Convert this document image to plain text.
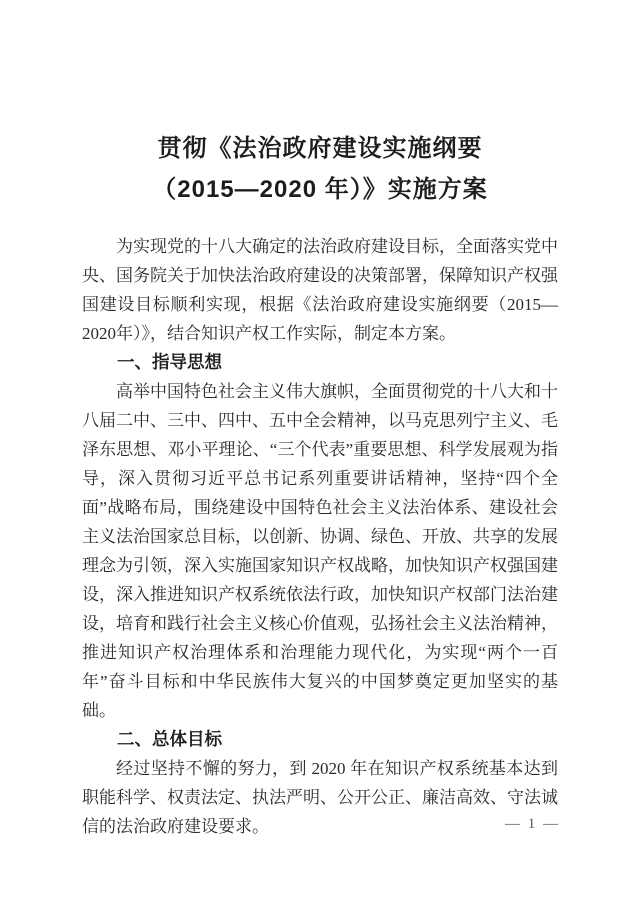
贯彻《法治政府建设实施纲要
（2015—2020 年）》实施方案

为实现党的十八大确定的法治政府建设目标，全面落实党中央、国务院关于加快法治政府建设的决策部署，保障知识产权强国建设目标顺利实现，根据《法治政府建设实施纲要（2015—2020年）》，结合知识产权工作实际，制定本方案。

一、指导思想

高举中国特色社会主义伟大旗帜，全面贯彻党的十八大和十八届二中、三中、四中、五中全会精神，以马克思列宁主义、毛泽东思想、邓小平理论、“三个代表”重要思想、科学发展观为指导，深入贯彻习近平总书记系列重要讲话精神，坚持“四个全面”战略布局，围绕建设中国特色社会主义法治体系、建设社会主义法治国家总目标，以创新、协调、绿色、开放、共享的发展理念为引领，深入实施国家知识产权战略，加快知识产权强国建设，深入推进知识产权系统依法行政，加快知识产权部门法治建设，培育和践行社会主义核心价值观，弘扬社会主义法治精神，推进知识产权治理体系和治理能力现代化，为实现“两个一百年”奋斗目标和中华民族伟大复兴的中国梦奠定更加坚实的基础。

二、总体目标

经过坚持不懈的努力，到 2020 年在知识产权系统基本达到职能科学、权责法定、执法严明、公开公正、廉洁高效、守法诚信的法治政府建设要求。	— 1 —
